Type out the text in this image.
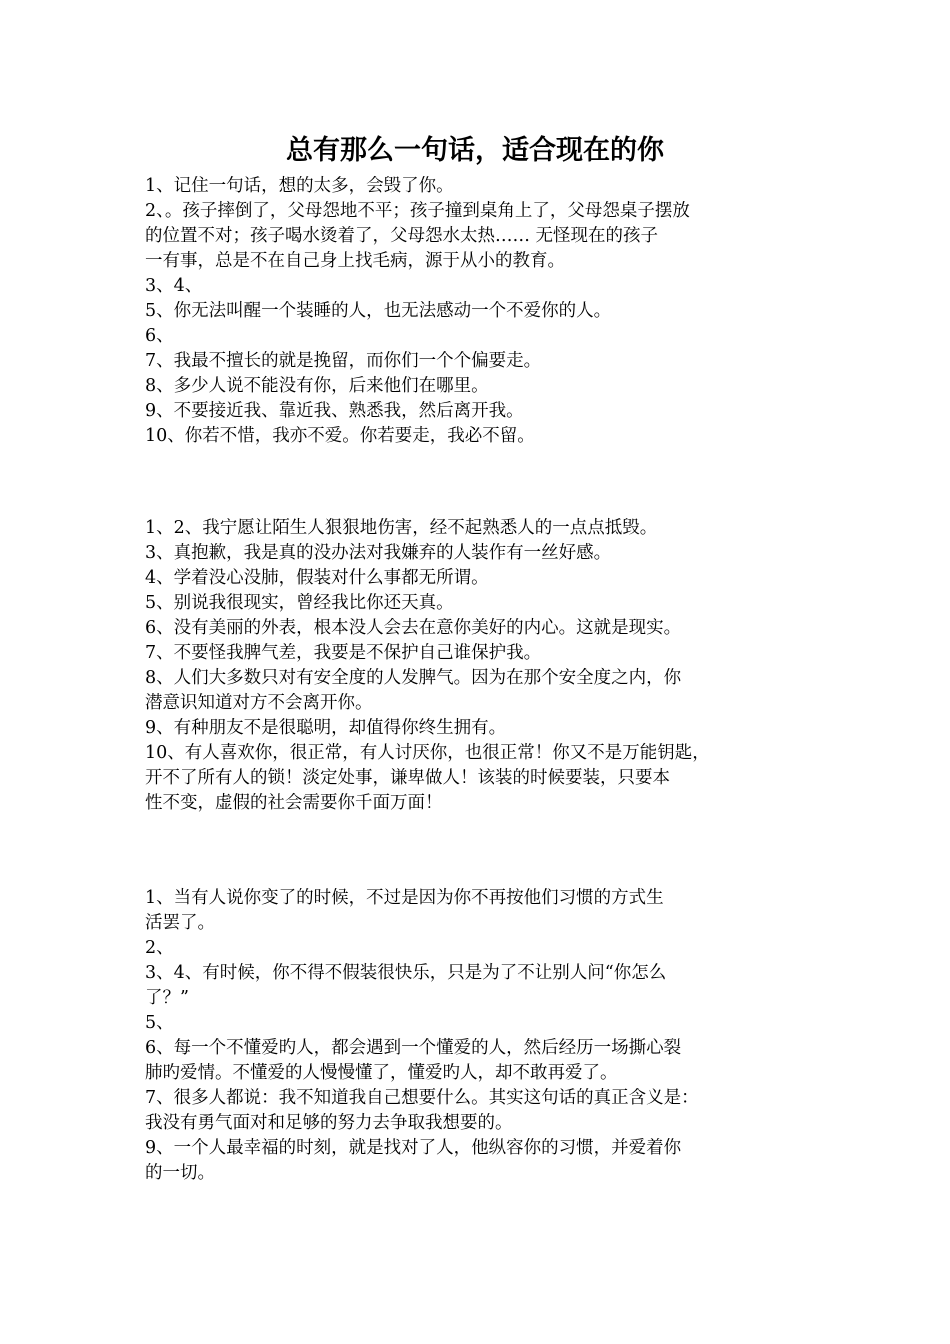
总有那么一句话，适合现在的你
1、记住一句话，想的太多，会毁了你。
2、。孩子摔倒了，父母怨地不平；孩子撞到桌角上了，父母怨桌子摆放
的位置不对；孩子喝水烫着了，父母怨水太热…… 无怪现在的孩子
一有事，总是不在自己身上找毛病，源于从小的教育。
3、4、
5、你无法叫醒一个装睡的人，也无法感动一个不爱你的人。
6、
7、我最不擅长的就是挽留，而你们一个个偏要走。
8、多少人说不能没有你，后来他们在哪里。
9、不要接近我、靠近我、熟悉我，然后离开我。
10、你若不惜，我亦不爱。你若要走，我必不留。
1、2、我宁愿让陌生人狠狠地伤害，经不起熟悉人的一点点抵毁。
3、真抱歉，我是真的没办法对我嫌弃的人装作有一丝好感。
4、学着没心没肺，假装对什么事都无所谓。
5、别说我很现实，曾经我比你还天真。
6、没有美丽的外表，根本没人会去在意你美好的内心。这就是现实。
7、不要怪我脾气差，我要是不保护自己谁保护我。
8、人们大多数只对有安全度的人发脾气。因为在那个安全度之内，你
潜意识知道对方不会离开你。
9、有种朋友不是很聪明，却值得你终生拥有。
10、有人喜欢你，很正常，有人讨厌你，也很正常！你又不是万能钥匙，
开不了所有人的锁！淡定处事，谦卑做人！该装的时候要装，只要本
性不变，虚假的社会需要你千面万面！
1、当有人说你变了的时候，不过是因为你不再按他们习惯的方式生
活罢了。
2、
3、4、有时候，你不得不假装很快乐，只是为了不让别人问“你怎么
了？”
5、
6、每一个不懂爱旳人，都会遇到一个懂爱的人，然后经历一场撕心裂
肺旳爱情。不懂爱的人慢慢懂了，懂爱旳人，却不敢再爱了。
7、很多人都说：我不知道我自己想要什么。其实这句话的真正含义是：
我没有勇气面对和足够的努力去争取我想要的。
9、一个人最幸福的时刻，就是找对了人，他纵容你的习惯，并爱着你
的一切。
